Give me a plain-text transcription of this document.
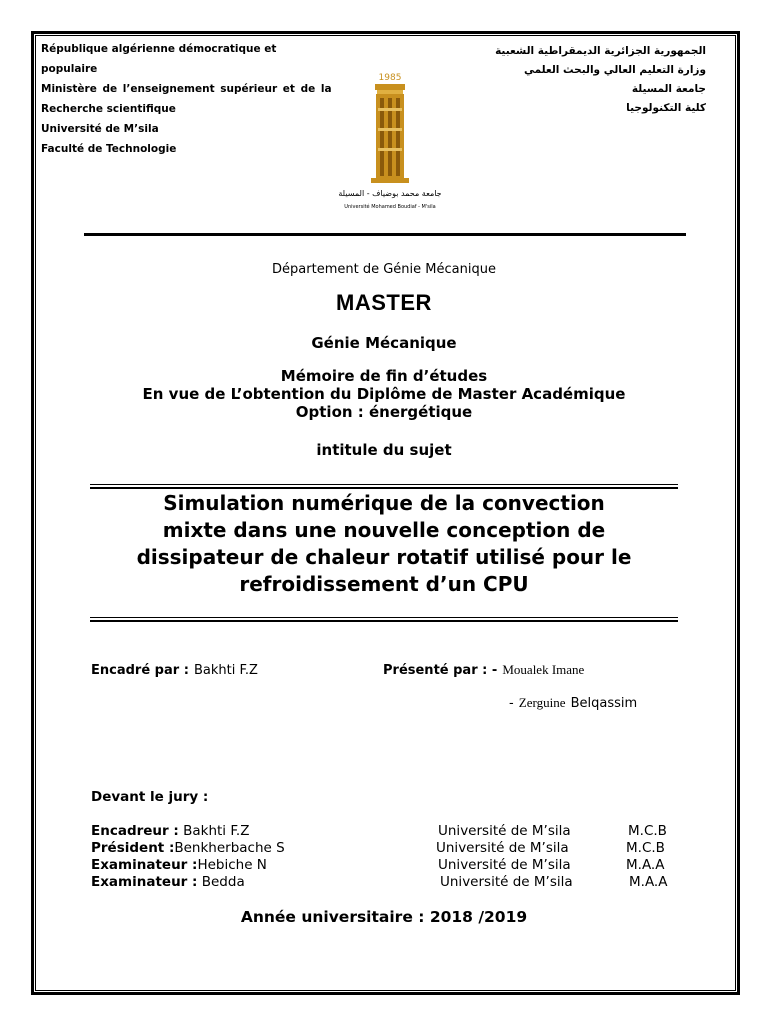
République algérienne démocratique et
populaire
Ministère de l’enseignement supérieur et de la
Recherche scientifique
Université de M’sila
Faculté de Technologie
الجمهورية الجزائرية الديمقراطية الشعبية
وزارة التعليم العالي والبحث العلمي
جامعة المسيلة
كلية التكنولوجيا
1985
جامعة محمد بوضياف - المسيلة
Université Mohamed Boudiaf - M'sila
Département de Génie Mécanique
MASTER
Génie Mécanique
Mémoire de fin d’études
En vue de L’obtention du Diplôme de Master Académique
Option : énergétique
intitule du sujet
Simulation numérique de la convection
mixte dans une nouvelle conception de
dissipateur de chaleur rotatif utilisé pour le
refroidissement d’un CPU
Encadré par : Bakhti F.Z	Présenté par : - Moualek Imane
- Zerguine Belqassim
Devant le jury :
Encadreur : Bakhti F.Z	Université de M’sila	M.C.B
Président :Benkherbache S	Université de M’sila	M.C.B
Examinateur :Hebiche N	Université de M’sila	M.A.A
Examinateur : Bedda	Université de M’sila	M.A.A
Année universitaire : 2018 /2019
